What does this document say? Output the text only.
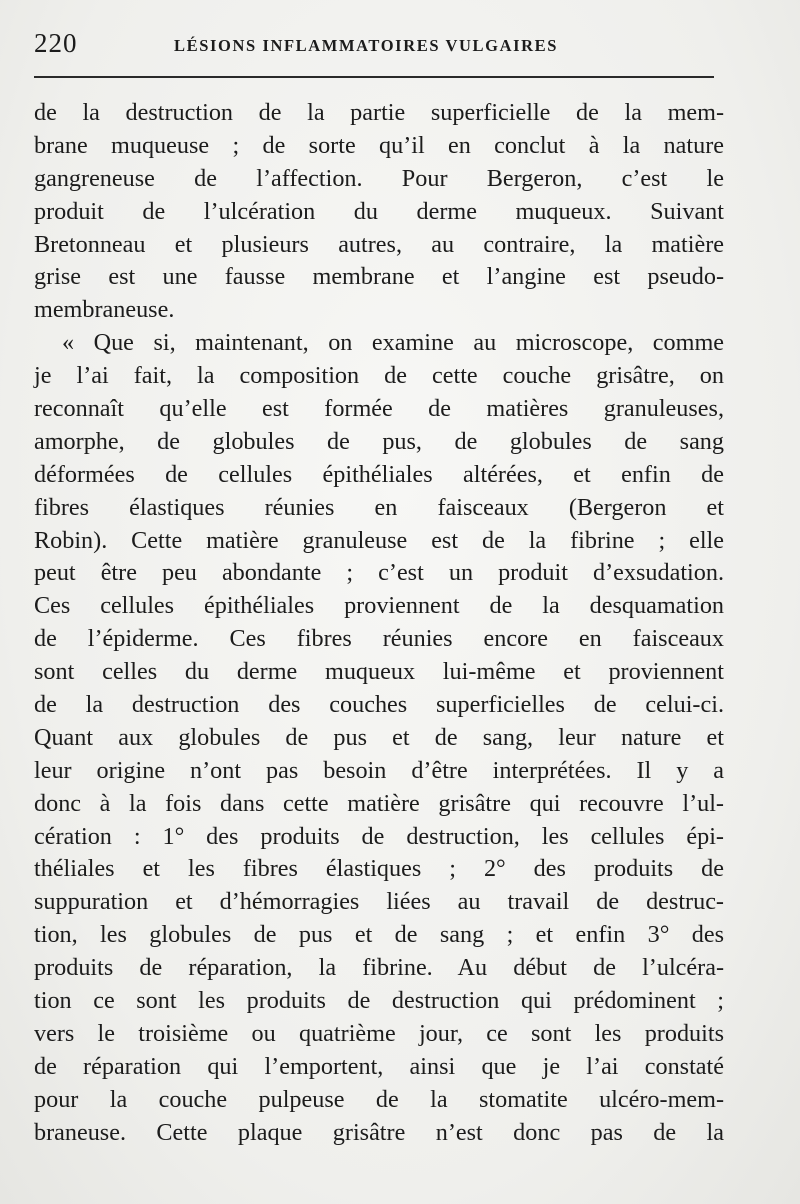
220	LÉSIONS INFLAMMATOIRES VULGAIRES
de la destruction de la partie superficielle de la mem-
brane muqueuse ; de sorte qu’il en conclut à la nature
gangreneuse de l’affection. Pour Bergeron, c’est le
produit de l’ulcération du derme muqueux. Suivant
Bretonneau et plusieurs autres, au contraire, la matière
grise est une fausse membrane et l’angine est pseudo-
membraneuse.
« Que si, maintenant, on examine au microscope, comme
je l’ai fait, la composition de cette couche grisâtre, on
reconnaît qu’elle est formée de matières granuleuses,
amorphe, de globules de pus, de globules de sang
déformées de cellules épithéliales altérées, et enfin de
fibres élastiques réunies en faisceaux (Bergeron et
Robin). Cette matière granuleuse est de la fibrine ; elle
peut être peu abondante ; c’est un produit d’exsudation.
Ces cellules épithéliales proviennent de la desquamation
de l’épiderme. Ces fibres réunies encore en faisceaux
sont celles du derme muqueux lui-même et proviennent
de la destruction des couches superficielles de celui-ci.
Quant aux globules de pus et de sang, leur nature et
leur origine n’ont pas besoin d’être interprétées. Il y a
donc à la fois dans cette matière grisâtre qui recouvre l’ul-
cération : 1° des produits de destruction, les cellules épi-
théliales et les fibres élastiques ; 2° des produits de
suppuration et d’hémorragies liées au travail de destruc-
tion, les globules de pus et de sang ; et enfin 3° des
produits de réparation, la fibrine. Au début de l’ulcéra-
tion ce sont les produits de destruction qui prédominent ;
vers le troisième ou quatrième jour, ce sont les produits
de réparation qui l’emportent, ainsi que je l’ai constaté
pour la couche pulpeuse de la stomatite ulcéro-mem-
braneuse. Cette plaque grisâtre n’est donc pas de la
